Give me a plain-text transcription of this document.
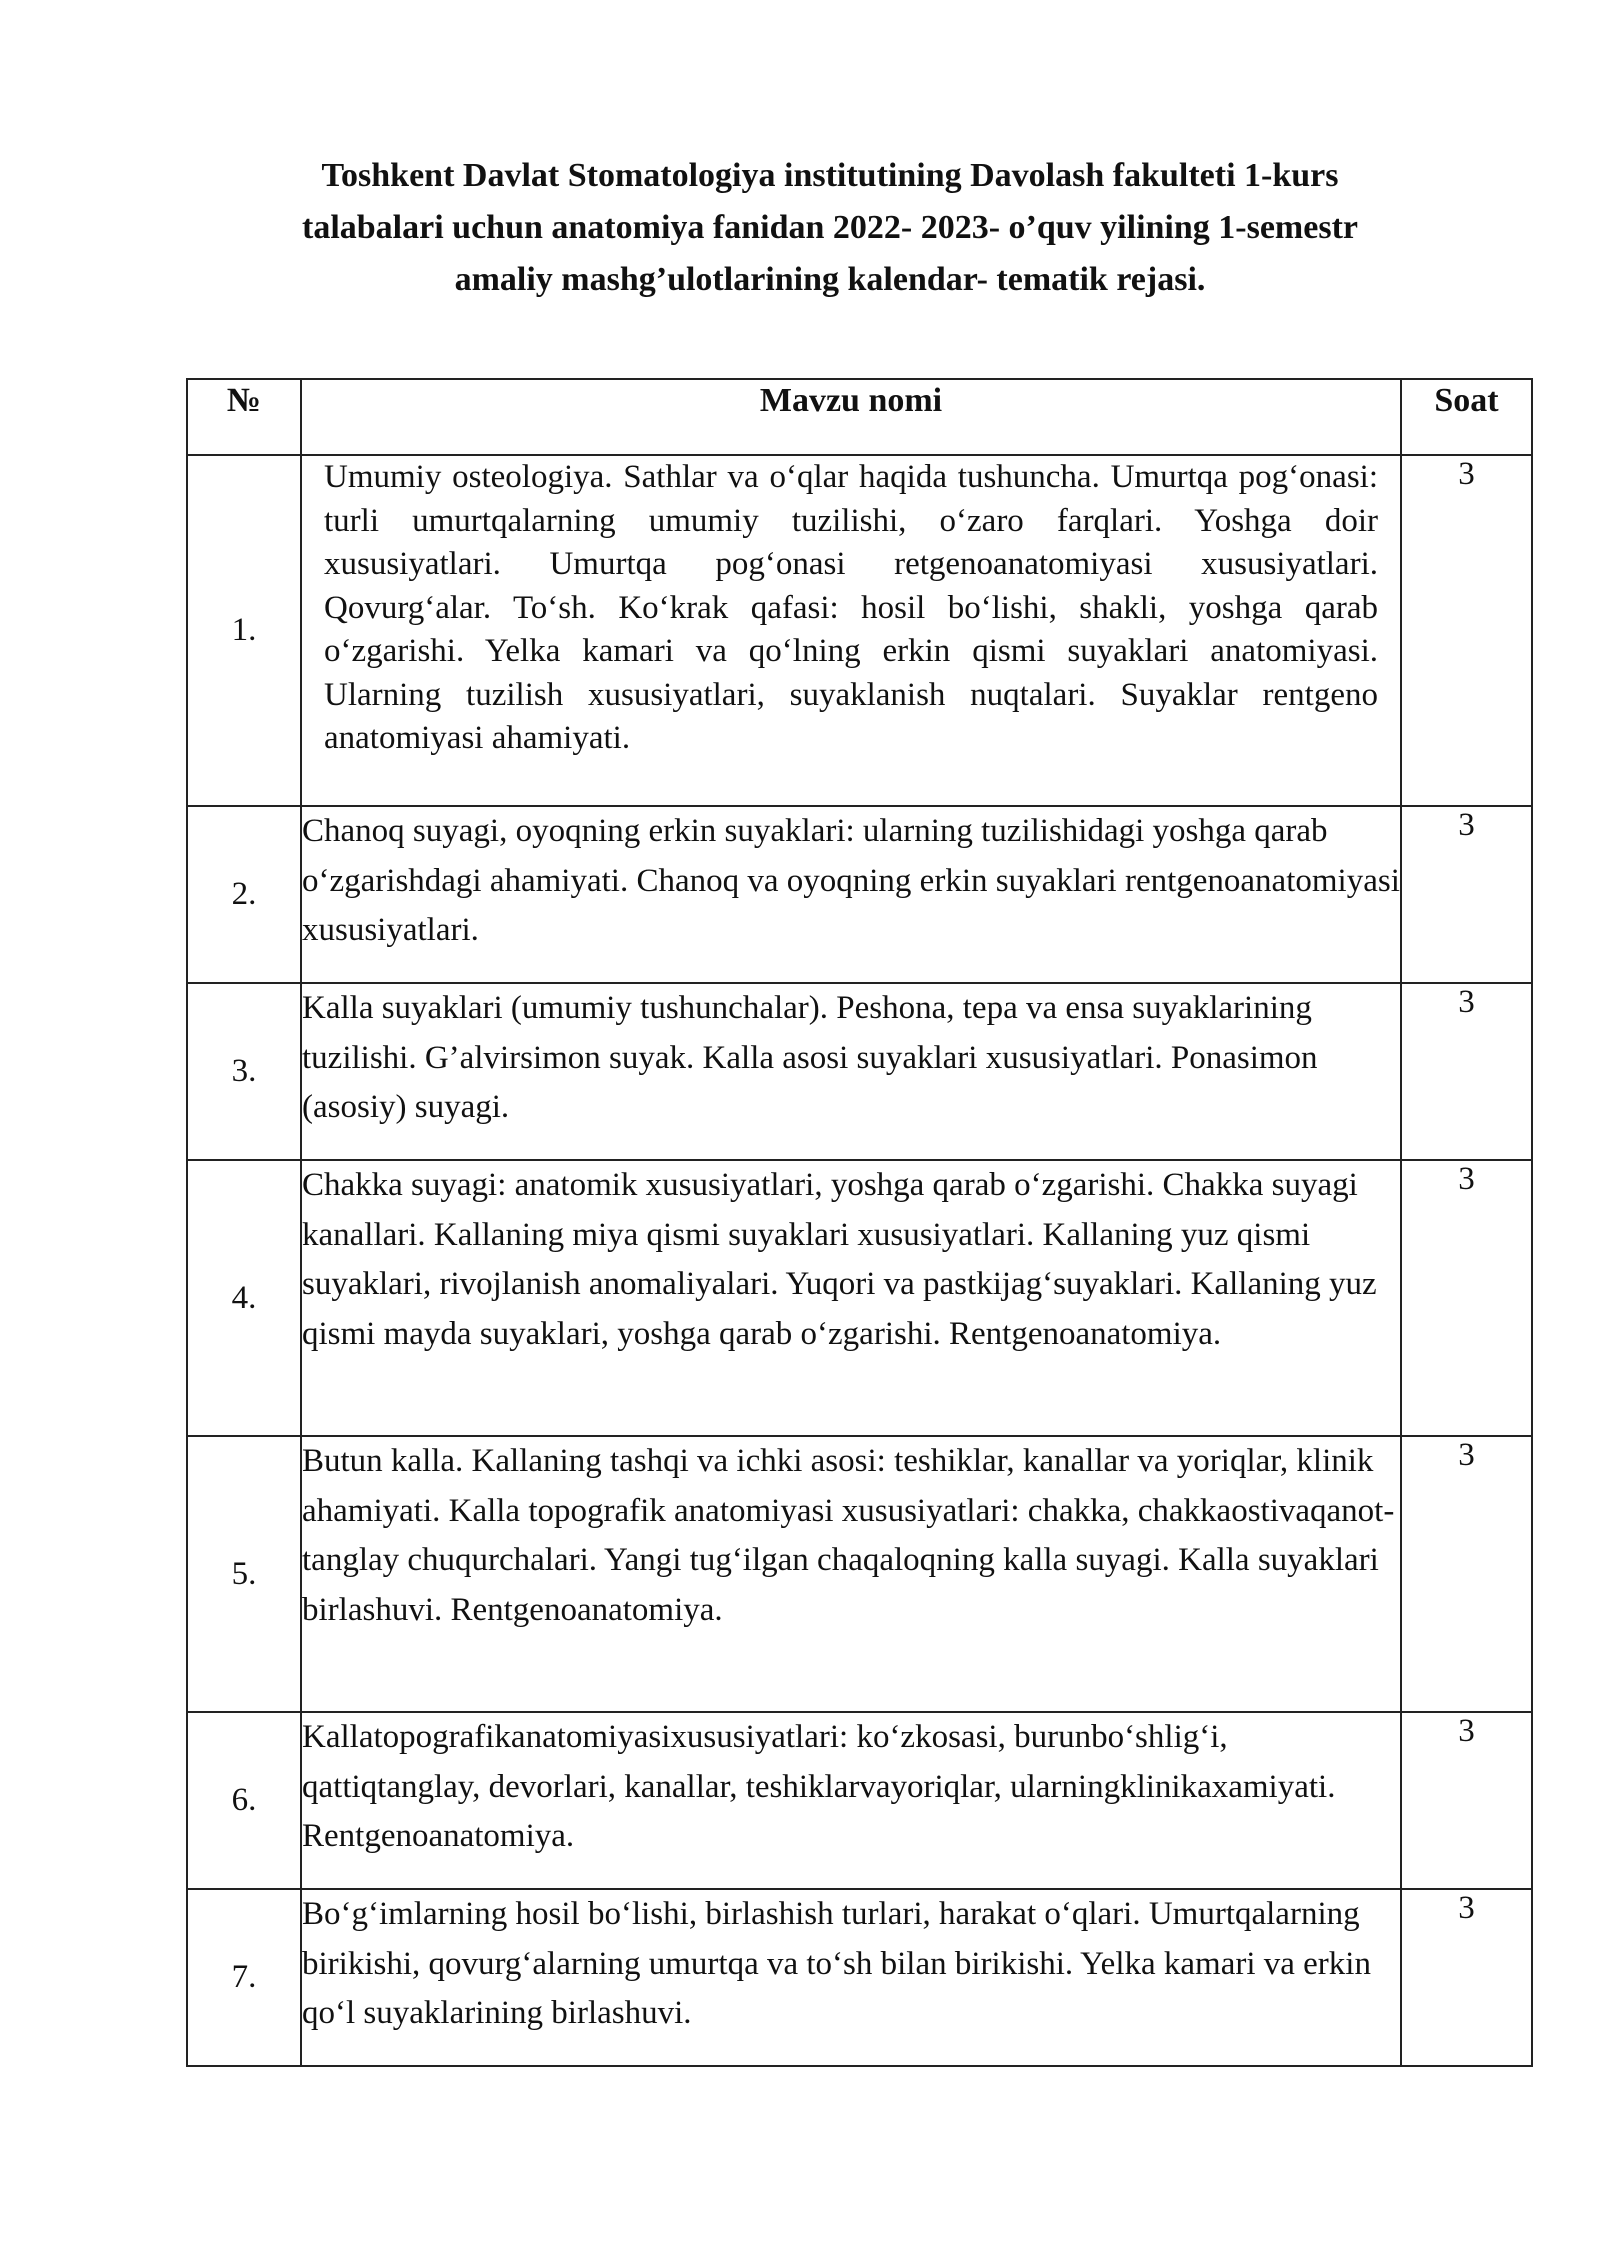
Toshkent Davlat Stomatologiya institutining Davolash fakulteti 1-kurs
talabalari uchun anatomiya fanidan 2022- 2023- o’quv yilining 1-semestr
amaliy mashg’ulotlarining kalendar- tematik rejasi.
№	Mavzu nomi	Soat
1.	Umumiy osteologiya. Sathlar va o‘qlar haqida tushuncha. Umurtqa pog‘onasi: turli umurtqalarning umumiy tuzilishi, o‘zaro farqlari. Yoshga doir xususiyatlari. Umurtqa pog‘onasi retgenoanatomiyasi xususiyatlari. Qovurg‘alar. To‘sh. Ko‘krak qafasi: hosil bo‘lishi, shakli, yoshga qarab o‘zgarishi. Yelka kamari va qo‘lning erkin qismi suyaklari anatomiyasi. Ularning tuzilish xususiyatlari, suyaklanish nuqtalari. Suyaklar rentgeno anatomiyasi ahamiyati.	3
2.	Chanoq suyagi, oyoqning erkin suyaklari: ularning tuzilishidagi yoshga qarab o‘zgarishdagi ahamiyati. Chanoq va oyoqning erkin suyaklari rentgenoanatomiyasi xususiyatlari.	3
3.	Kalla suyaklari (umumiy tushunchalar). Peshona, tepa va ensa suyaklarining tuzilishi. G’alvirsimon suyak. Kalla asosi suyaklari xususiyatlari. Ponasimon (asosiy) suyagi.	3
4.	Chakka suyagi: anatomik xususiyatlari, yoshga qarab o‘zgarishi. Chakka suyagi kanallari. Kallaning miya qismi suyaklari xususiyatlari. Kallaning yuz qismi suyaklari, rivojlanish anomaliyalari. Yuqori va pastkijag‘suyaklari. Kallaning yuz qismi mayda suyaklari, yoshga qarab o‘zgarishi. Rentgenoanatomiya.	3
5.	Butun kalla. Kallaning tashqi va ichki asosi: teshiklar, kanallar va yoriqlar, klinik ahamiyati. Kalla topografik anatomiyasi xususiyatlari: chakka, chakkaostivaqanot-tanglay chuqurchalari. Yangi tug‘ilgan chaqaloqning kalla suyagi. Kalla suyaklari birlashuvi. Rentgenoanatomiya.	3
6.	Kallatopografikanatomiyasixususiyatlari: ko‘zkosasi, burunbo‘shlig‘i, qattiqtanglay, devorlari, kanallar, teshiklarvayoriqlar, ularningklinikaxamiyati. Rentgenoanatomiya.	3
7.	Bo‘g‘imlarning hosil bo‘lishi, birlashish turlari, harakat o‘qlari. Umurtqalarning birikishi, qovurg‘alarning umurtqa va to‘sh bilan birikishi. Yelka kamari va erkin qo‘l suyaklarining birlashuvi.	3
